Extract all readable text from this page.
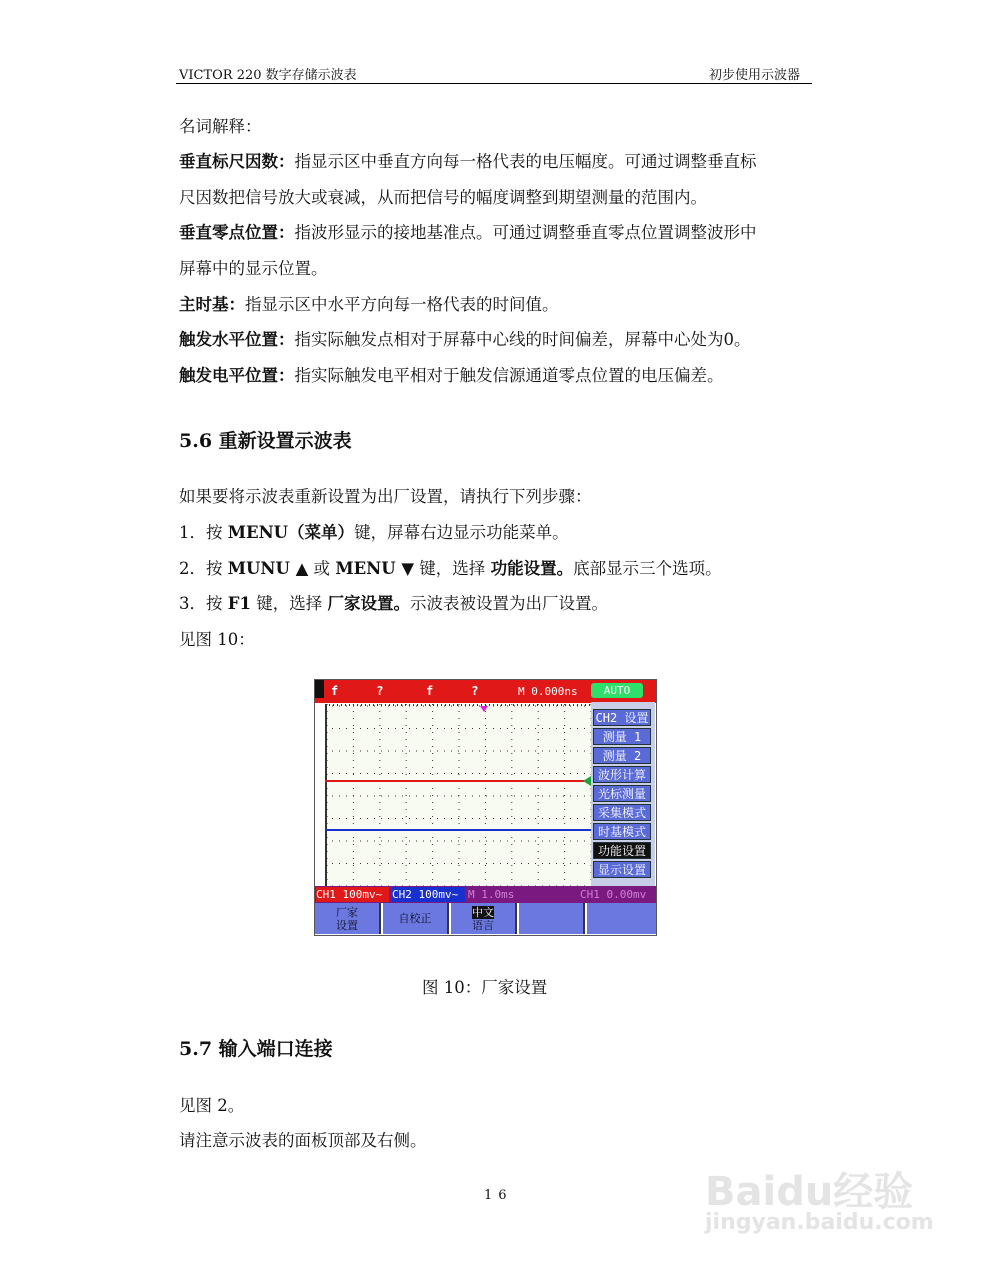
VICTOR 220 数字存储示波表	初步使用示波器
名词解释：
垂直标尺因数：指显示区中垂直方向每一格代表的电压幅度。可通过调整垂直标
尺因数把信号放大或衰减，从而把信号的幅度调整到期望测量的范围内。
垂直零点位置：指波形显示的接地基准点。可通过调整垂直零点位置调整波形中
屏幕中的显示位置。
主时基：指显示区中水平方向每一格代表的时间值。
触发水平位置：指实际触发点相对于屏幕中心线的时间偏差，屏幕中心处为0。
触发电平位置：指实际触发电平相对于触发信源通道零点位置的电压偏差。
5.6 重新设置示波表
如果要将示波表重新设置为出厂设置，请执行下列步骤：
1．按 MENU（菜单）键，屏幕右边显示功能菜单。
2．按 MUNU ▲ 或 MENU ▼ 键，选择 功能设置。底部显示三个选项。
3．按 F1 键，选择 厂家设置。示波表被设置为出厂设置。
见图 10：
f	?	f	?	M 0.000ns	AUTO
CH2 设置
测量 1
测量 2
波形计算
光标测量
采集模式
时基模式
功能设置
显示设置
CH1 100mv~ CH2 100mv~ M 1.0ms	CH1 0.00mv
厂家
设置
自校正	中文
语言
图 10：厂家设置
5.7 输入端口连接
见图 2。
请注意示波表的面板顶部及右侧。
16	Baidu经验
jingyan.baidu.com
